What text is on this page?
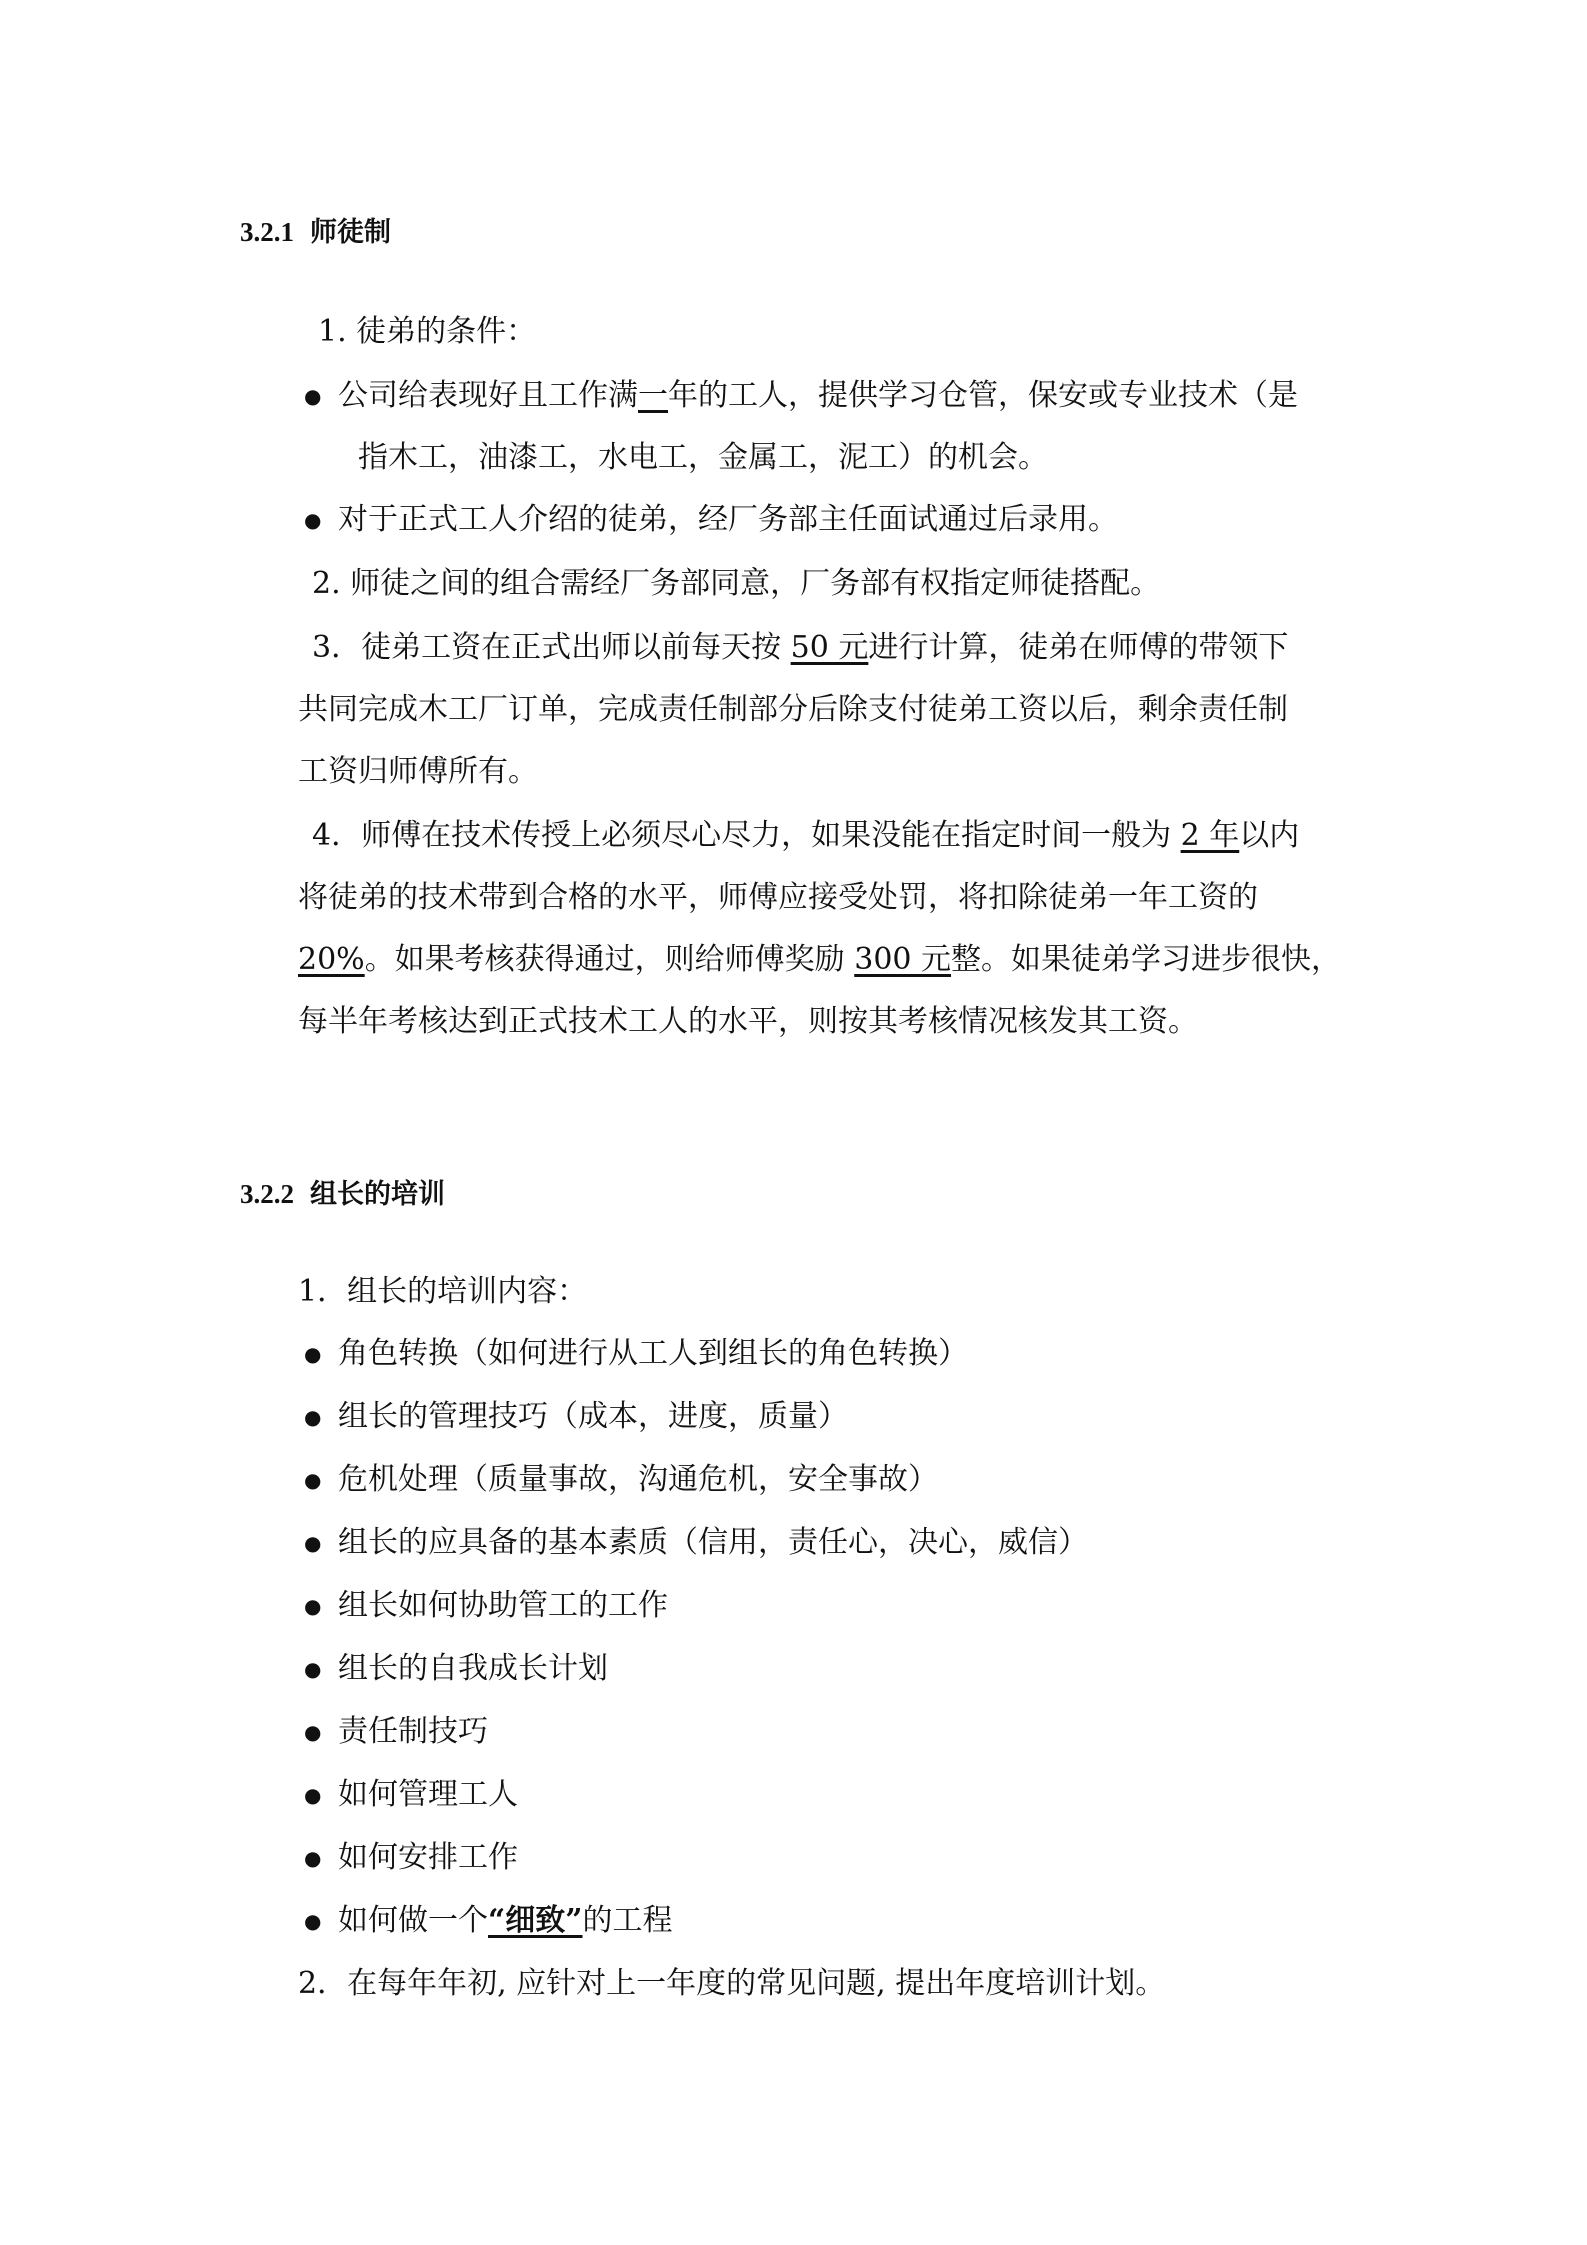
3.2.1 师徒制
1. 徒弟的条件：
● 公司给表现好且工作满一年的工人，提供学习仓管，保安或专业技术（是
指木工，油漆工，水电工，金属工，泥工）的机会。
● 对于正式工人介绍的徒弟，经厂务部主任面试通过后录用。
2. 师徒之间的组合需经厂务部同意，厂务部有权指定师徒搭配。
3．徒弟工资在正式出师以前每天按 50 元进行计算，徒弟在师傅的带领下
共同完成木工厂订单，完成责任制部分后除支付徒弟工资以后，剩余责任制
工资归师傅所有。
4．师傅在技术传授上必须尽心尽力，如果没能在指定时间一般为 2 年以内
将徒弟的技术带到合格的水平，师傅应接受处罚，将扣除徒弟一年工资的
20%。如果考核获得通过，则给师傅奖励 300 元整。如果徒弟学习进步很快，
每半年考核达到正式技术工人的水平，则按其考核情况核发其工资。
3.2.2 组长的培训
1．组长的培训内容：
● 角色转换（如何进行从工人到组长的角色转换）
● 组长的管理技巧（成本，进度，质量）
● 危机处理（质量事故，沟通危机，安全事故）
● 组长的应具备的基本素质（信用，责任心，决心，威信）
● 组长如何协助管工的工作
● 组长的自我成长计划
● 责任制技巧
● 如何管理工人
● 如何安排工作
● 如何做一个“细致”的工程
2．在每年年初, 应针对上一年度的常见问题, 提出年度培训计划。
